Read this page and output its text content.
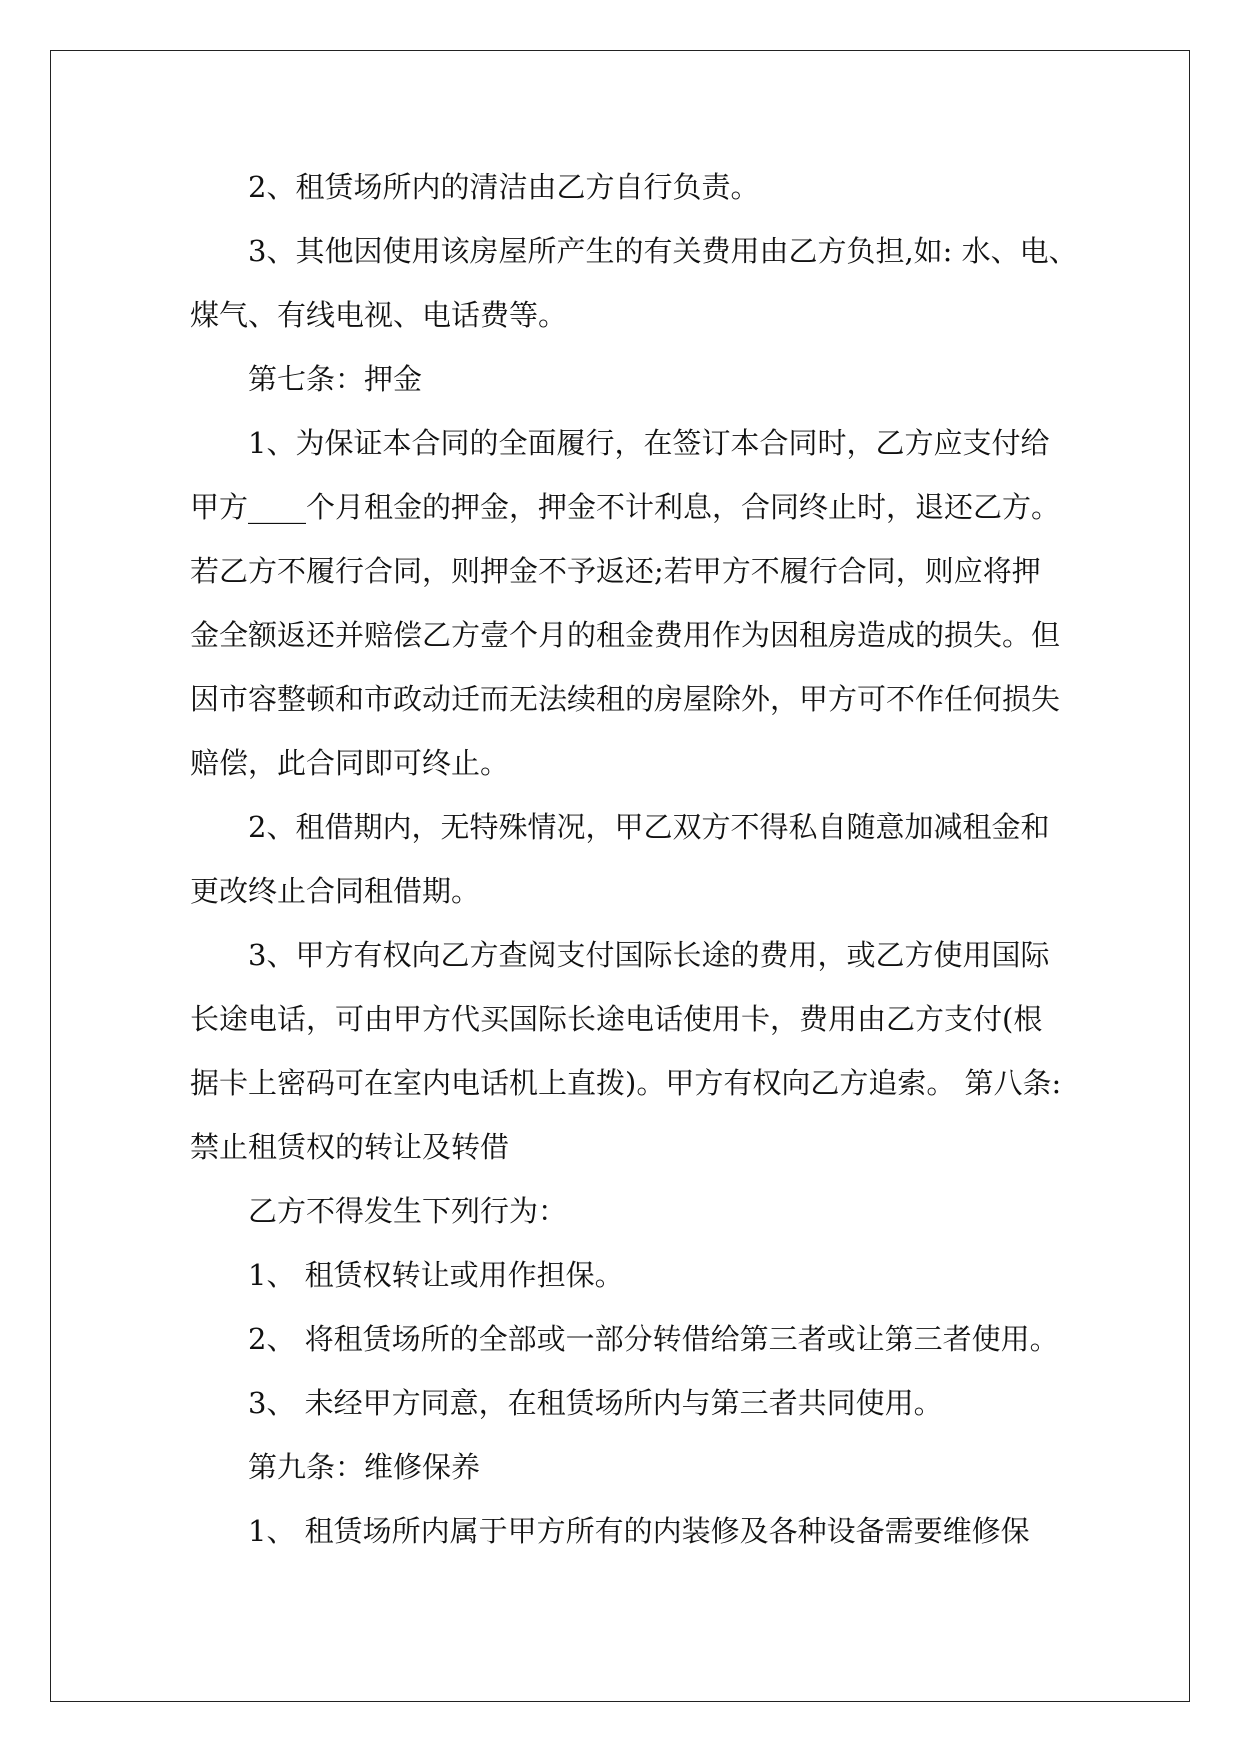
2、租赁场所内的清洁由乙方自行负责。

3、其他因使用该房屋所产生的有关费用由乙方负担,如: 水、电、
煤气、有线电视、电话费等。

第七条：押金

1、为保证本合同的全面履行，在签订本合同时，乙方应支付给
甲方____个月租金的押金，押金不计利息，合同终止时，退还乙方。
若乙方不履行合同，则押金不予返还;若甲方不履行合同，则应将押
金全额返还并赔偿乙方壹个月的租金费用作为因租房造成的损失。但
因市容整顿和市政动迁而无法续租的房屋除外，甲方可不作任何损失
赔偿，此合同即可终止。

2、租借期内，无特殊情况，甲乙双方不得私自随意加减租金和
更改终止合同租借期。

3、甲方有权向乙方查阅支付国际长途的费用，或乙方使用国际
长途电话，可由甲方代买国际长途电话使用卡，费用由乙方支付(根
据卡上密码可在室内电话机上直拨)。甲方有权向乙方追索。 第八条:
禁止租赁权的转让及转借

乙方不得发生下列行为：

1、 租赁权转让或用作担保。

2、 将租赁场所的全部或一部分转借给第三者或让第三者使用。

3、 未经甲方同意，在租赁场所内与第三者共同使用。

第九条：维修保养

1、 租赁场所内属于甲方所有的内装修及各种设备需要维修保
